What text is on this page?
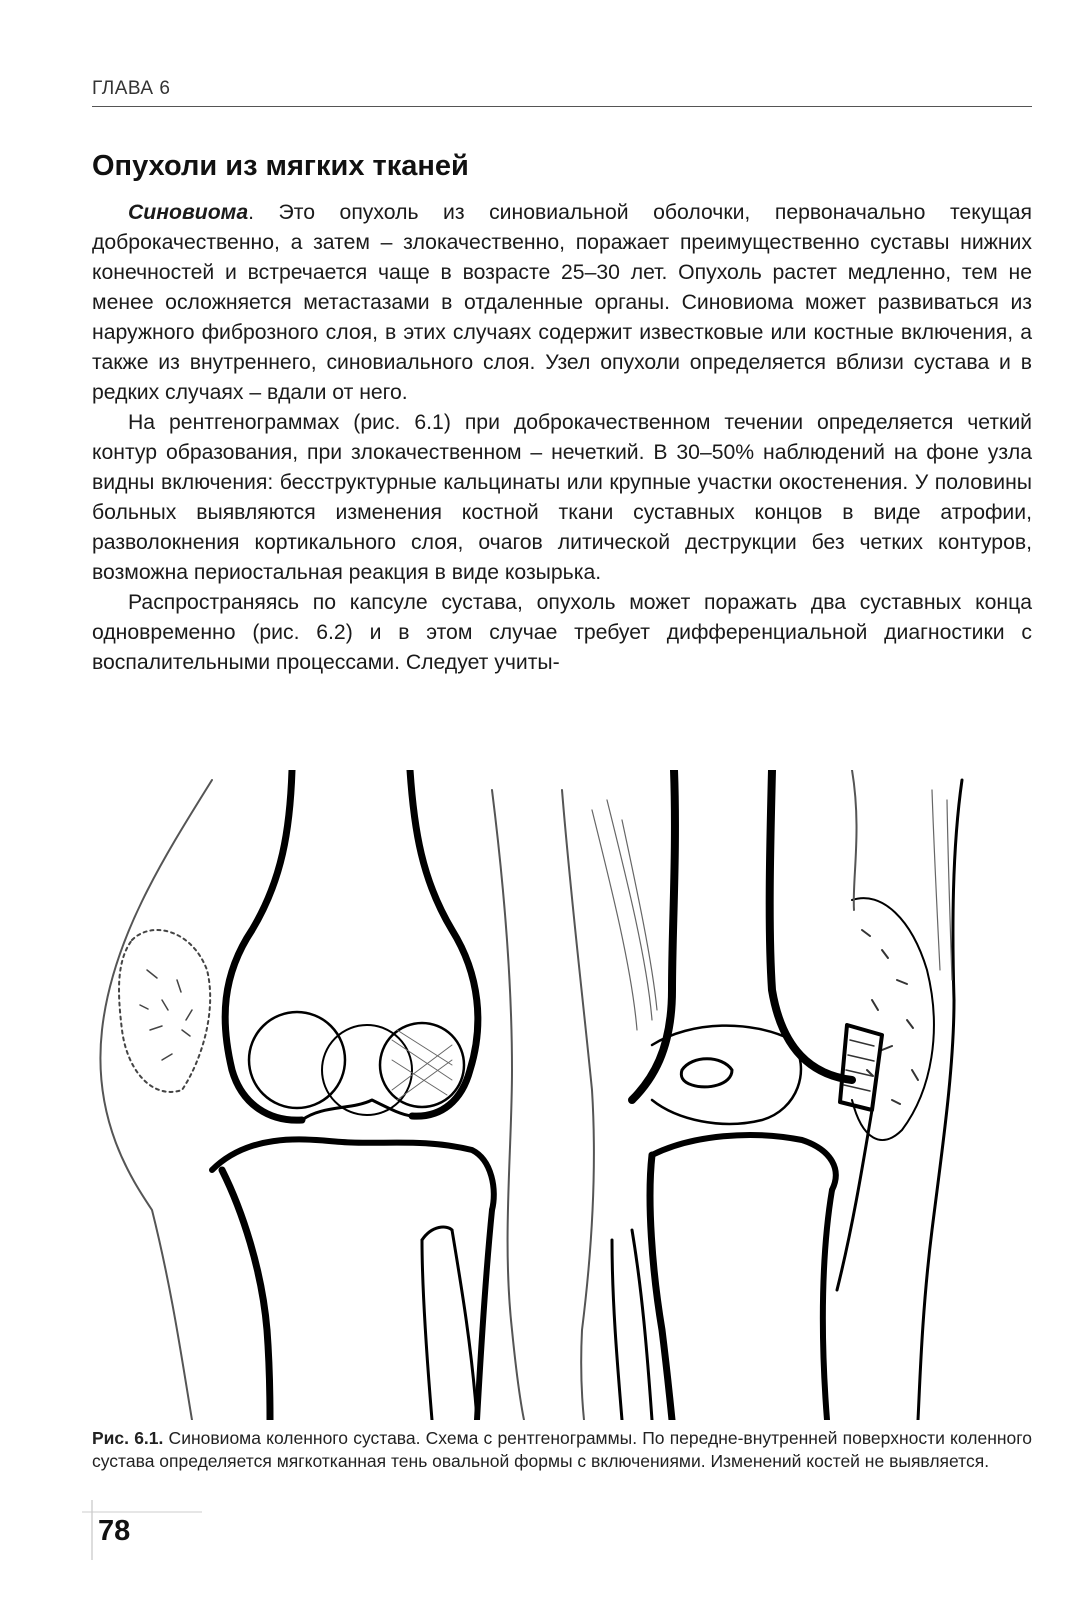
ГЛАВА 6
Опухоли из мягких тканей

Синовиома. Это опухоль из синовиальной оболочки, первоначально текущая доброкачественно, а затем – злокачественно, поражает преимущественно суставы нижних конечностей и встречается чаще в возрасте 25–30 лет. Опухоль растет медленно, тем не менее осложняется метастазами в отдаленные органы. Синовиома может развиваться из наружного фиброзного слоя, в этих случаях содержит известковые или костные включения, а также из внутреннего, синовиального слоя. Узел опухоли определяется вблизи сустава и в редких случаях – вдали от него.

На рентгенограммах (рис. 6.1) при доброкачественном течении определяется четкий контур образования, при злокачественном – нечеткий. В 30–50% наблюдений на фоне узла видны включения: бесструктурные кальцинаты или крупные участки окостенения. У половины больных выявляются изменения костной ткани суставных концов в виде атрофии, разволокнения кортикального слоя, очагов литической деструкции без четких контуров, возможна периостальная реакция в виде козырька.

Распространяясь по капсуле сустава, опухоль может поражать два суставных конца одновременно (рис. 6.2) и в этом случае требует дифференциальной диагностики с воспалительными процессами. Следует учиты-

Рис. 6.1. Синовиома коленного сустава. Схема с рентгенограммы. По передне-внутренней поверхности коленного сустава определяется мягкотканная тень овальной формы с включениями. Изменений костей не выявляется.

78
